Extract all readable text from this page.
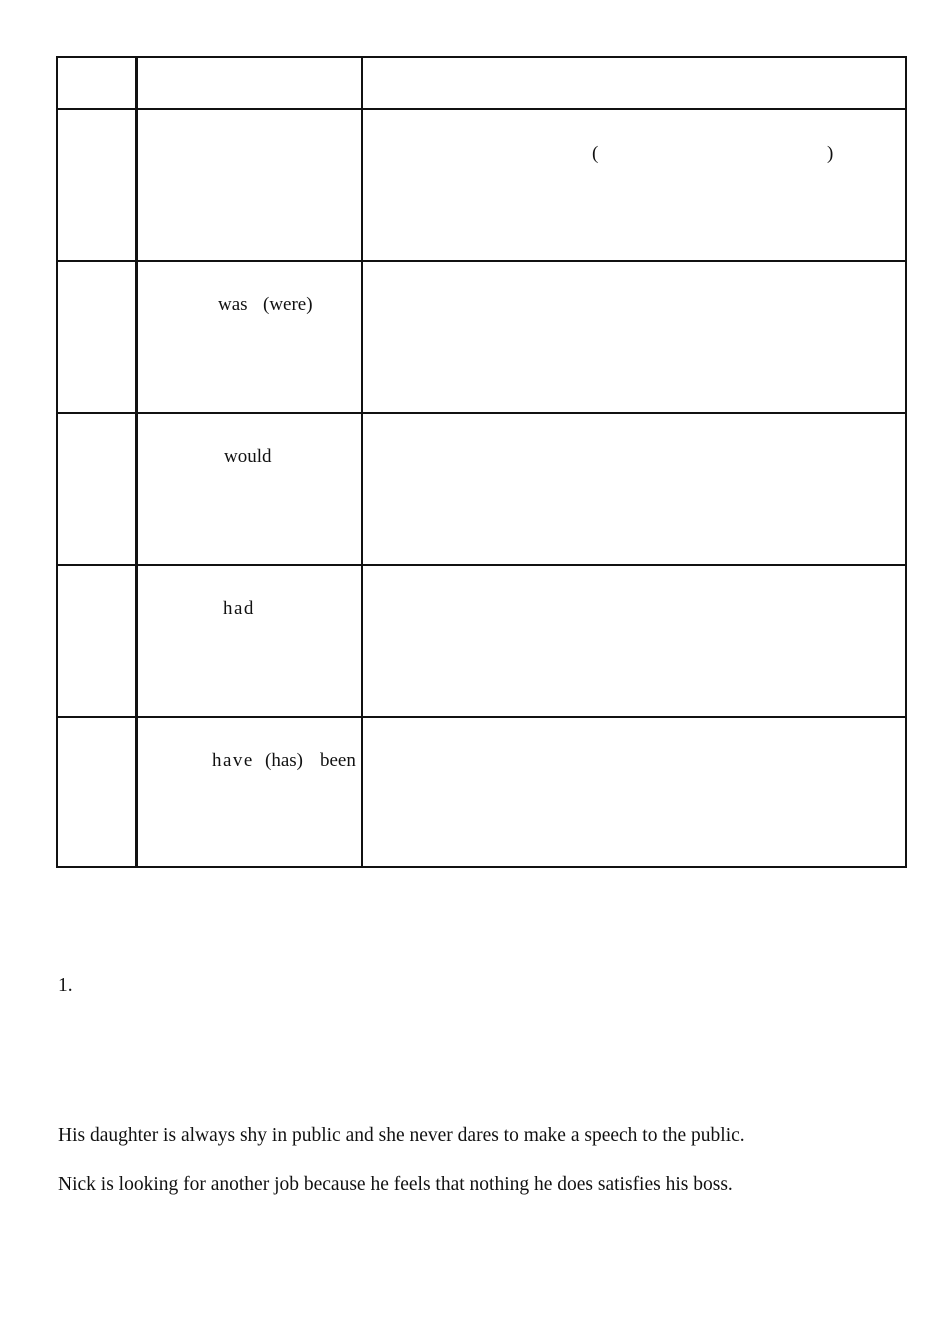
(	)
was (were)
would
had
have (has) been
1.
His daughter is always shy in public and she never dares to make a speech to the public.
Nick is looking for another job because he feels that nothing he does satisfies his boss.
